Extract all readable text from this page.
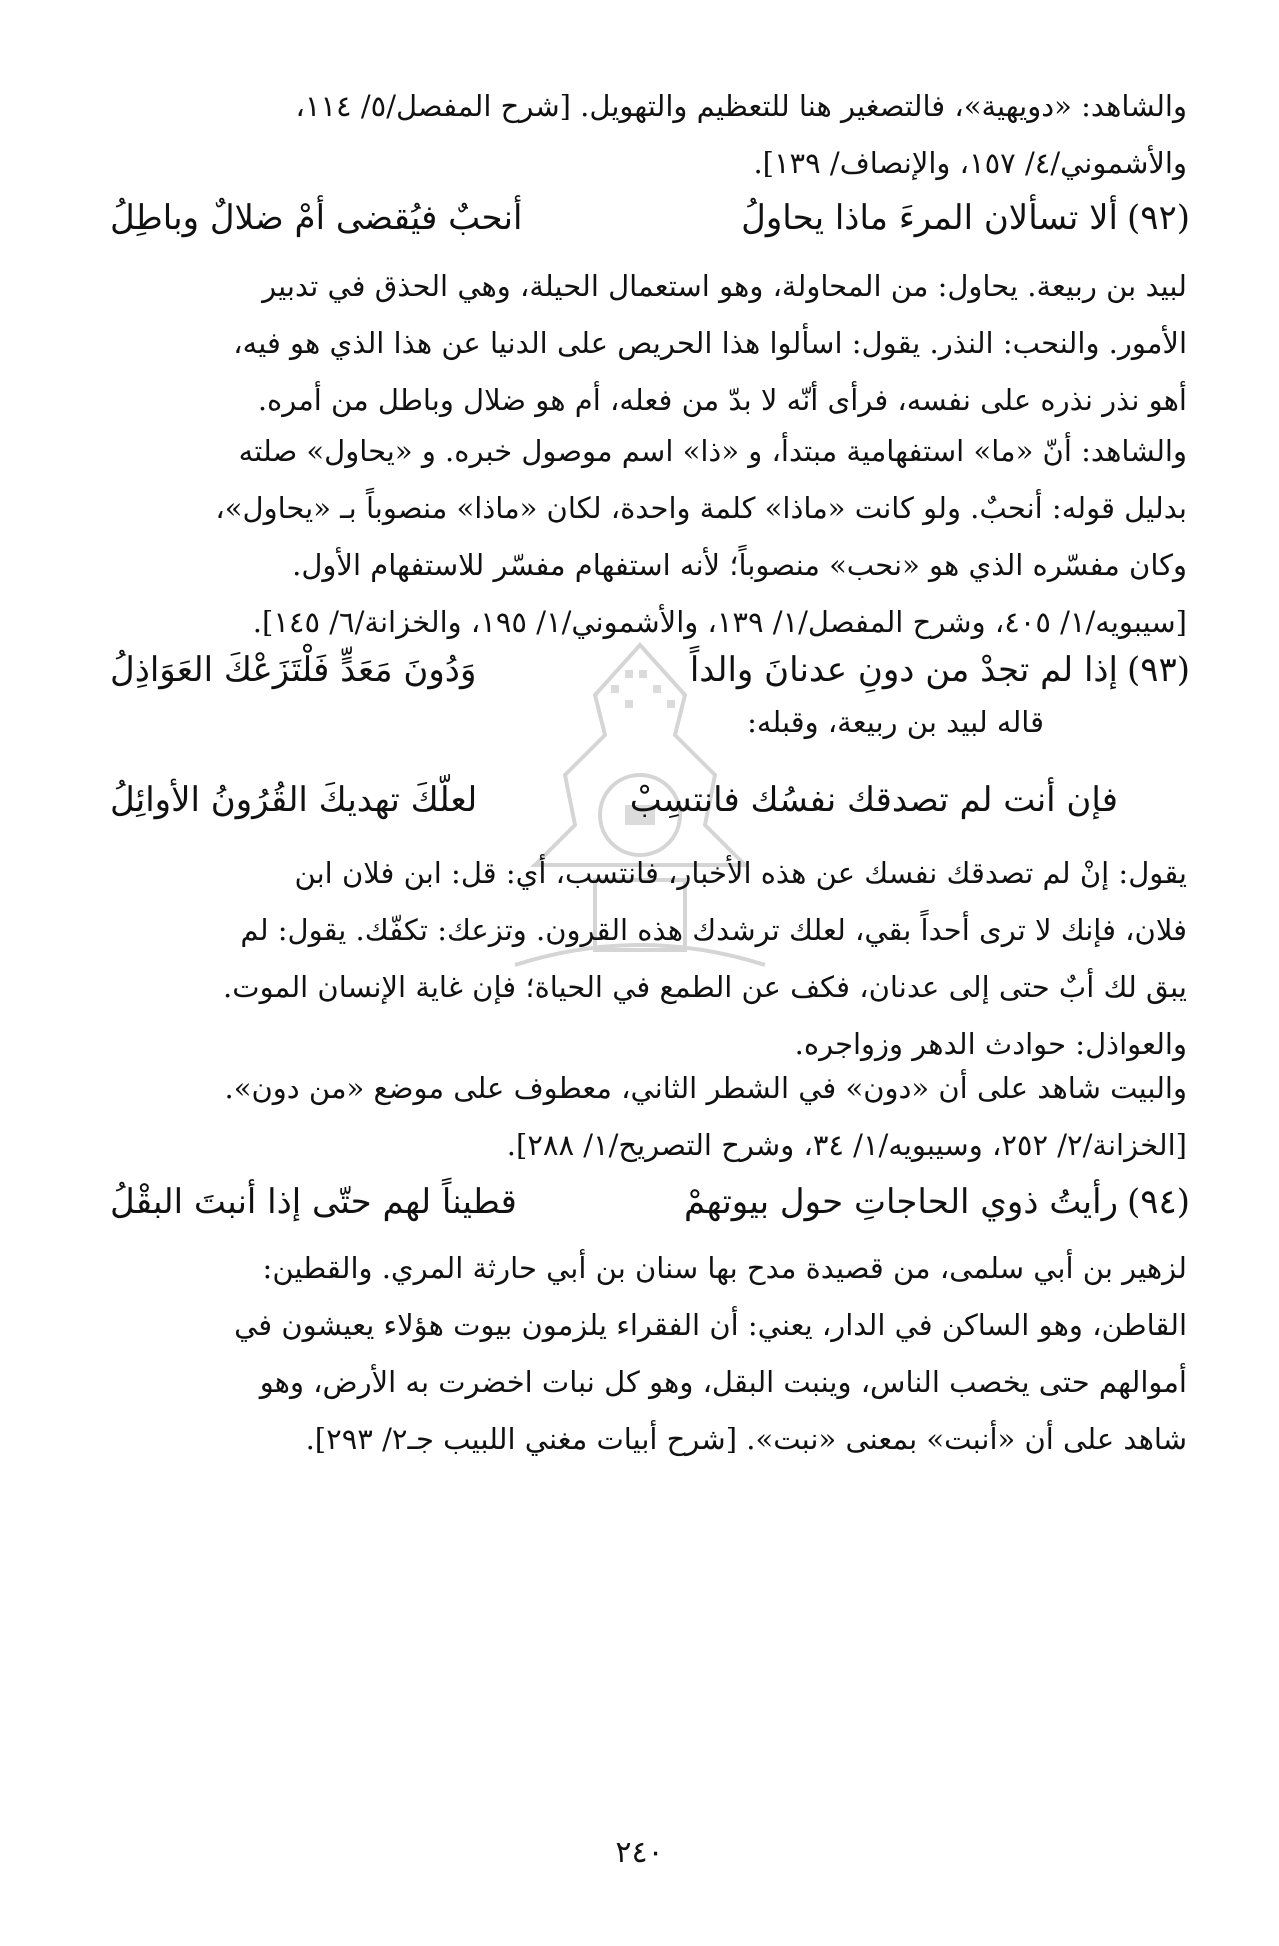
والشاهد: «دويهية»، فالتصغير هنا للتعظيم والتهويل. [شرح المفصل/٥/ ١١٤،
والأشموني/٤/ ١٥٧، والإنصاف/ ١٣٩].
(٩٢)
ألا تسألان المرءَ ماذا يحاولُ
أنحبٌ فيُقضى أمْ ضلالٌ وباطِلُ
لبيد بن ربيعة. يحاول: من المحاولة، وهو استعمال الحيلة، وهي الحذق في تدبير
الأمور. والنحب: النذر. يقول: اسألوا هذا الحريص على الدنيا عن هذا الذي هو فيه،
أهو نذر نذره على نفسه، فرأى أنّه لا بدّ من فعله، أم هو ضلال وباطل من أمره.
والشاهد: أنّ «ما» استفهامية مبتدأ، و «ذا» اسم موصول خبره. و «يحاول» صلته
بدليل قوله: أنحبٌ. ولو كانت «ماذا» كلمة واحدة، لكان «ماذا» منصوباً بـ «يحاول»،
وكان مفسّره الذي هو «نحب» منصوباً؛ لأنه استفهام مفسّر للاستفهام الأول.
[سيبويه/١/ ٤٠٥، وشرح المفصل/١/ ١٣٩، والأشموني/١/ ١٩٥، والخزانة/٦/ ١٤٥].
(٩٣)
إذا لم تجدْ من دونِ عدنانَ والداً
وَدُونَ مَعَدٍّ فَلْتَزَعْكَ العَوَاذِلُ
قاله لبيد بن ربيعة، وقبله:
فإن أنت لم تصدقك نفسُك فانتسِبْ
لعلّكَ تهديكَ القُرُونُ الأوائِلُ
يقول: إنْ لم تصدقك نفسك عن هذه الأخبار، فانتسب، أي: قل: ابن فلان ابن
فلان، فإنك لا ترى أحداً بقي، لعلك ترشدك هذه القرون. وتزعك: تكفّك. يقول: لم
يبق لك أبٌ حتى إلى عدنان، فكف عن الطمع في الحياة؛ فإن غاية الإنسان الموت.
والعواذل: حوادث الدهر وزواجره.
والبيت شاهد على أن «دون» في الشطر الثاني، معطوف على موضع «من دون».
[الخزانة/٢/ ٢٥٢، وسيبويه/١/ ٣٤، وشرح التصريح/١/ ٢٨٨].
(٩٤)
رأيتُ ذوي الحاجاتِ حول بيوتهمْ
قطيناً لهم حتّى إذا أنبتَ البقْلُ
لزهير بن أبي سلمى، من قصيدة مدح بها سنان بن أبي حارثة المري. والقطين:
القاطن، وهو الساكن في الدار، يعني: أن الفقراء يلزمون بيوت هؤلاء يعيشون في
أموالهم حتى يخصب الناس، وينبت البقل، وهو كل نبات اخضرت به الأرض، وهو
شاهد على أن «أنبت» بمعنى «نبت». [شرح أبيات مغني اللبيب جـ٢/ ٢٩٣].
٢٤٠
